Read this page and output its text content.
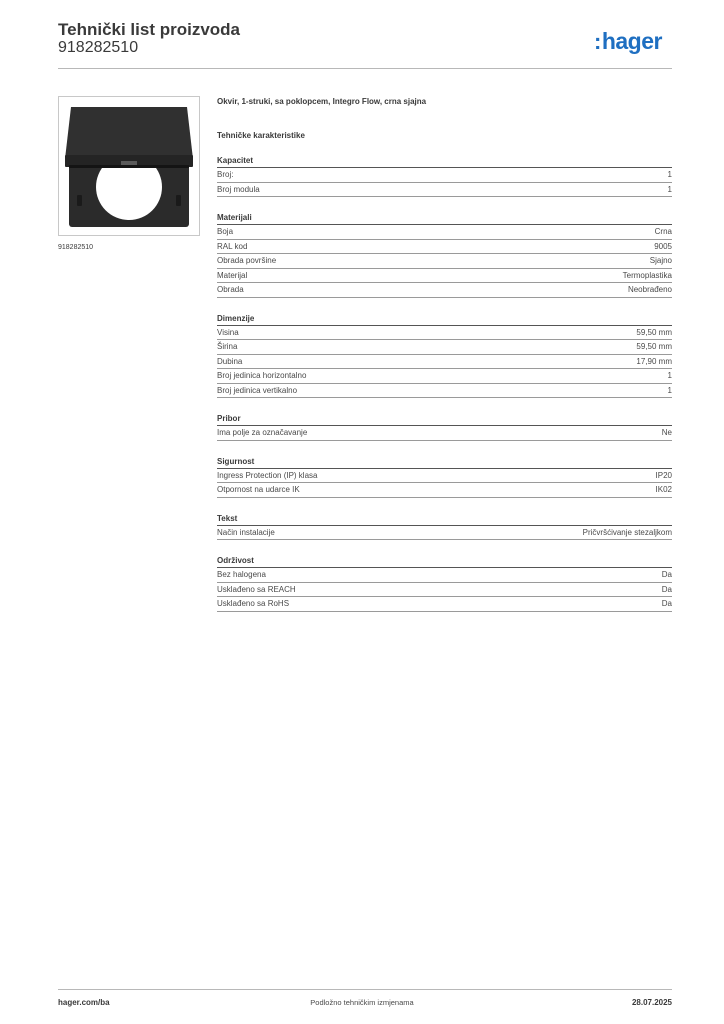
Tehnički list proizvoda
918282510	:hager
918282510
Okvir, 1-struki, sa poklopcem, Integro Flow, crna sjajna
Tehničke karakteristike
Kapacitet
Broj:	1
Broj modula	1
Materijali
Boja	Crna
RAL kod	9005
Obrada površine	Sjajno
Materijal	Termoplastika
Obrada	Neobrađeno
Dimenzije
Visina	59,50 mm
Širina	59,50 mm
Dubina	17,90 mm
Broj jedinica horizontalno	1
Broj jedinica vertikalno	1
Pribor
Ima polje za označavanje	Ne
Sigurnost
Ingress Protection (IP) klasa	IP20
Otpornost na udarce IK	IK02
Tekst
Način instalacije	Pričvršćivanje stezaljkom
Održivost
Bez halogena	Da
Usklađeno sa REACH	Da
Usklađeno sa RoHS	Da
hager.com/ba	Podložno tehničkim izmjenama	28.07.2025
